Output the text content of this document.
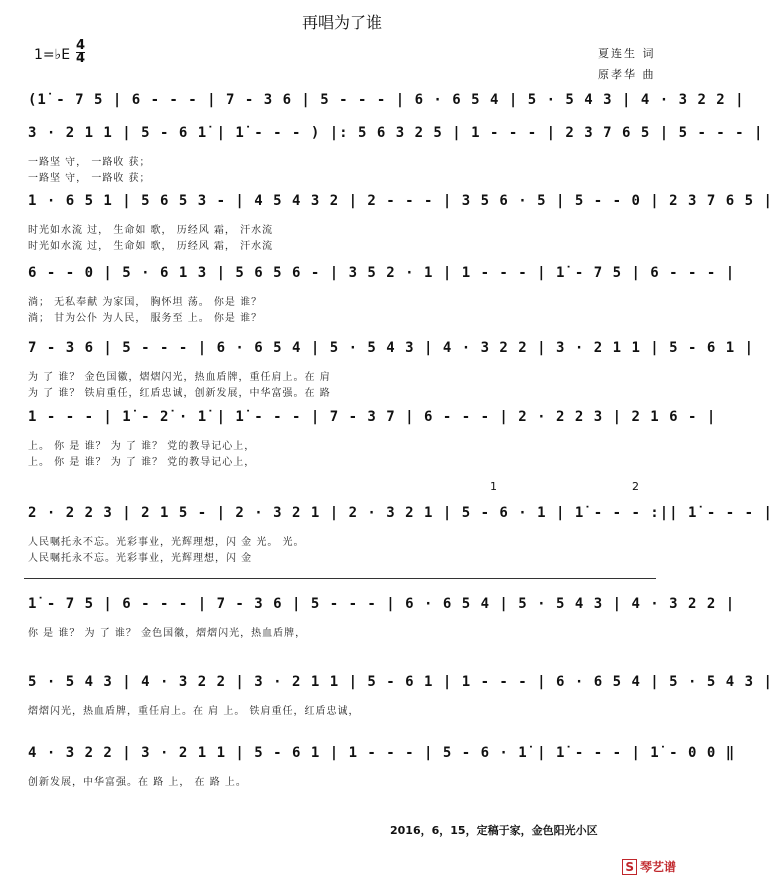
再唱为了谁
1=♭E
4
4	夏连生 词
原孝华 曲
(1̇ - 7 5 | 6 - - - | 7 - 3 6 | 5 - - - | 6 · 6 5 4 | 5 · 5 4 3 | 4 · 3 2 2 |
3 · 2 1 1 | 5 - 6 1̇ | 1̇ - - - ) |: 5 6 3 2 5 | 1 - - - | 2 3 7 6 5 | 5 - - - |
一路坚 守， 一路收 获；
一路坚 守， 一路收 获；
1 · 6 5 1 | 5 6 5 3 - | 4 5 4 3 2 | 2 - - - | 3 5 6 · 5 | 5 - - 0 | 2 3 7 6 5 |
时光如水流 过， 生命如 歌， 历经风 霜， 汗水流
时光如水流 过， 生命如 歌， 历经风 霜， 汗水流
6 - - 0 | 5 · 6 1 3 | 5 6 5 6 - | 3 5 2 · 1 | 1 - - - | 1̇ - 7 5 | 6 - - - |
淌； 无私奉献 为家国， 胸怀坦 荡。 你是 谁？
淌； 甘为公仆 为人民， 服务至 上。 你是 谁？
7 - 3 6 | 5 - - - | 6 · 6 5 4 | 5 · 5 4 3 | 4 · 3 2 2 | 3 · 2 1 1 | 5 - 6 1 |
为 了 谁？ 金色国徽，熠熠闪光，热血盾牌，重任肩上。在 肩
为 了 谁？ 铁肩重任，红盾忠诚，创新发展，中华富强。在 路
1 - - - | 1̇ - 2̇ · 1̇ | 1̇ - - - | 7 - 3 7 | 6 - - - | 2 · 2 2 3 | 2 1 6 - |
上。 你 是 谁？ 为 了 谁？ 党的教导记心上，
上。 你 是 谁？ 为 了 谁？ 党的教导记心上，
2 · 2 2 3 | 2 1 5 - | 2 · 3 2 1 | 2 · 3 2 1 | 5 - 6 · 1 | 1̇ - - - :|| 1̇ - - - |
人民嘱托永不忘。光彩事业，光辉理想，闪 金 光。 光。
人民嘱托永不忘。光彩事业，光辉理想，闪 金
1̇ - 7 5 | 6 - - - | 7 - 3 6 | 5 - - - | 6 · 6 5 4 | 5 · 5 4 3 | 4 · 3 2 2 |
你 是 谁？ 为 了 谁？ 金色国徽，熠熠闪光，热血盾牌，
5 · 5 4 3 | 4 · 3 2 2 | 3 · 2 1 1 | 5 - 6 1 | 1 - - - | 6 · 6 5 4 | 5 · 5 4 3 |
熠熠闪光，热血盾牌，重任肩上。在 肩 上。 铁肩重任，红盾忠诚，
4 · 3 2 2 | 3 · 2 1 1 | 5 - 6 1 | 1 - - - | 5 - 6 · 1̇ | 1̇ - - - | 1̇ - 0 0 ‖
创新发展，中华富强。在 路 上， 在 路 上。
1	2
2016，6，15，定稿于家，金色阳光小区
S 琴艺谱
